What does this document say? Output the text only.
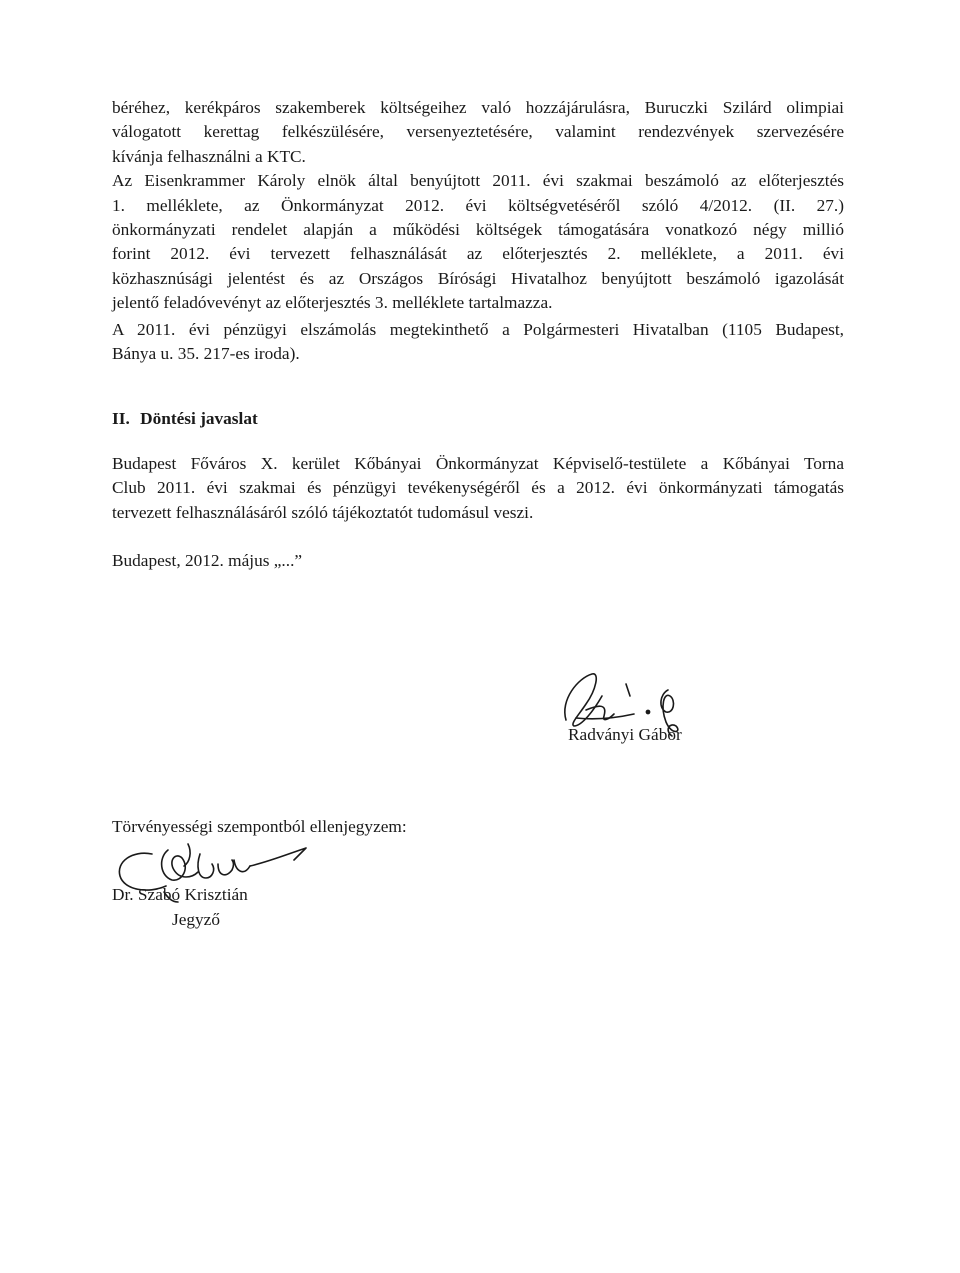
béréhez, kerékpáros szakemberek költségeihez való hozzájárulásra, Buruczki Szilárd olimpiai
válogatott kerettag felkészülésére, versenyeztetésére, valamint rendezvények szervezésére
kívánja felhasználni a KTC.
Az Eisenkrammer Károly elnök által benyújtott 2011. évi szakmai beszámoló az előterjesztés
1. melléklete, az Önkormányzat 2012. évi költségvetéséről szóló 4/2012. (II. 27.)
önkormányzati rendelet alapján a működési költségek támogatására vonatkozó négy millió
forint 2012. évi tervezett felhasználását az előterjesztés 2. melléklete, a 2011. évi
közhasznúsági jelentést és az Országos Bírósági Hivatalhoz benyújtott beszámoló igazolását
jelentő feladóvevényt az előterjesztés 3. melléklete tartalmazza.
A 2011. évi pénzügyi elszámolás megtekinthető a Polgármesteri Hivatalban (1105 Budapest,
Bánya u. 35. 217-es iroda).
II. Döntési javaslat
Budapest Főváros X. kerület Kőbányai Önkormányzat Képviselő-testülete a Kőbányai Torna
Club 2011. évi szakmai és pénzügyi tevékenységéről és a 2012. évi önkormányzati támogatás
tervezett felhasználásáról szóló tájékoztatót tudomásul veszi.
Budapest, 2012. május „...”
Radványi Gábor
Törvényességi szempontból ellenjegyzem:
Dr. Szabó Krisztián
Jegyző
